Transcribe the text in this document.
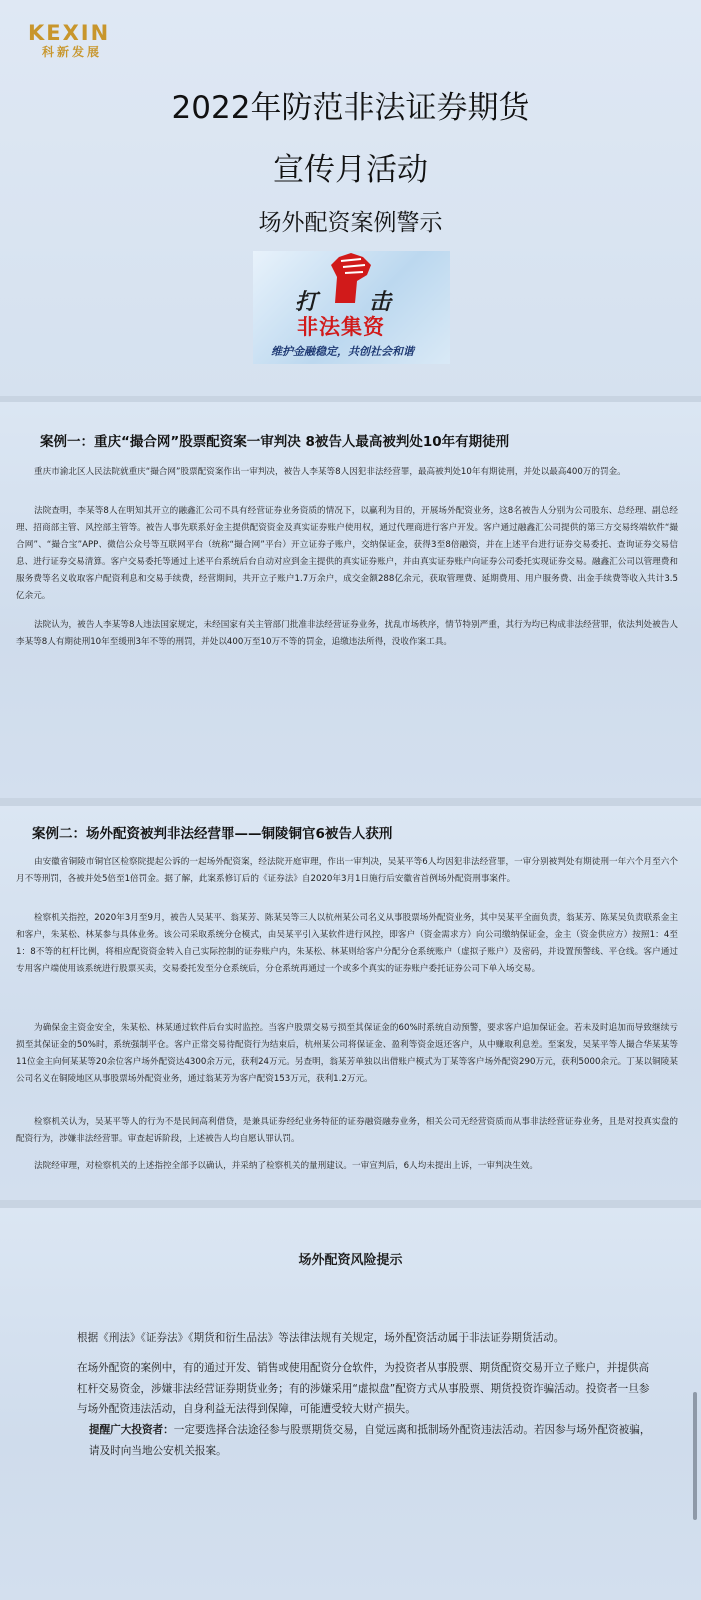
KEXIN
科新发展
2022年防范非法证券期货
宣传月活动
场外配资案例警示
打 击
非法集资
维护金融稳定，共创社会和谐
案例一：重庆“撮合网”股票配资案一审判决 8被告人最高被判处10年有期徒刑

重庆市渝北区人民法院就重庆“撮合网”股票配资案作出一审判决，被告人李某等8人因犯非法经营罪，最高被判处10年有期徒刑，并处以最高400万的罚金。

法院查明，李某等8人在明知其开立的融鑫汇公司不具有经营证券业务资质的情况下，以赢利为目的，开展场外配资业务，这8名被告人分别为公司股东、总经理、副总经理、招商部主管、风控部主管等。被告人事先联系好金主提供配资资金及真实证券账户使用权，通过代理商进行客户开发。客户通过融鑫汇公司提供的第三方交易终端软件“撮合网”、“撮合宝”APP、微信公众号等互联网平台（统称“撮合网”平台）开立证券子账户，交纳保证金，获得3至8倍融资，并在上述平台进行证券交易委托、查询证券交易信息、进行证券交易清算。客户交易委托等通过上述平台系统后台自动对应到金主提供的真实证券账户，并由真实证券账户向证券公司委托实现证券交易。融鑫汇公司以管理费和服务费等名义收取客户配资利息和交易手续费，经营期间，共开立子账户1.7万余户，成交金额288亿余元，获取管理费、延期费用、用户服务费、出金手续费等收入共计3.5亿余元。

法院认为，被告人李某等8人违法国家规定，未经国家有关主管部门批准非法经营证券业务，扰乱市场秩序，情节特别严重，其行为均已构成非法经营罪，依法判处被告人李某等8人有期徒刑10年至缓刑3年不等的刑罚，并处以400万至10万不等的罚金，追缴违法所得，没收作案工具。

案例二：场外配资被判非法经营罪——铜陵铜官6被告人获刑

由安徽省铜陵市铜官区检察院提起公诉的一起场外配资案，经法院开庭审理，作出一审判决，吴某平等6人均因犯非法经营罪，一审分别被判处有期徒刑一年六个月至六个月不等刑罚，各被并处5倍至1倍罚金。据了解，此案系修订后的《证券法》自2020年3月1日施行后安徽省首例场外配资刑事案件。

检察机关指控，2020年3月至9月，被告人吴某平、翁某芳、陈某吴等三人以杭州某公司名义从事股票场外配资业务，其中吴某平全面负责，翁某芳、陈某吴负责联系金主和客户，朱某松、林某参与具体业务。该公司采取系统分仓模式，由吴某平引入某软件进行风控，即客户（资金需求方）向公司缴纳保证金，金主（资金供应方）按照1：4至1：8不等的杠杆比例，将相应配资资金转入自己实际控制的证券账户内，朱某松、林某则给客户分配分仓系统账户（虚拟子账户）及密码，并设置预警线、平仓线。客户通过专用客户端使用该系统进行股票买卖，交易委托发至分仓系统后，分仓系统再通过一个或多个真实的证券账户委托证券公司下单入场交易。

为确保金主资金安全，朱某松、林某通过软件后台实时监控。当客户股票交易亏损至其保证金的60%时系统自动预警，要求客户追加保证金。若未及时追加而导致继续亏损至其保证金的50%时，系统强制平仓。客户正常交易待配资行为结束后，杭州某公司将保证金、盈利等资金返还客户，从中赚取利息差。至案发，吴某平等人撮合华某某等11位金主向何某某等20余位客户场外配资达4300余万元，获利24万元。另查明，翁某芳单独以出借账户模式为丁某等客户场外配资290万元，获利5000余元。丁某以铜陵某公司名义在铜陵地区从事股票场外配资业务，通过翁某芳为客户配资153万元，获利1.2万元。

检察机关认为，吴某平等人的行为不是民间高利借贷，是兼具证券经纪业务特征的证券融资融券业务，相关公司无经营资质而从事非法经营证券业务，且是对投真实盘的配资行为，涉嫌非法经营罪。审查起诉阶段，上述被告人均自愿认罪认罚。

法院经审理，对检察机关的上述指控全部予以确认，并采纳了检察机关的量刑建议。一审宣判后，6人均未提出上诉，一审判决生效。

场外配资风险提示

根据《刑法》《证券法》《期货和衍生品法》等法律法规有关规定，场外配资活动属于非法证券期货活动。

在场外配资的案例中，有的通过开发、销售或使用配资分仓软件，为投资者从事股票、期货配资交易开立子账户，并提供高杠杆交易资金，涉嫌非法经营证券期货业务；有的涉嫌采用“虚拟盘”配资方式从事股票、期货投资诈骗活动。投资者一旦参与场外配资违法活动，自身利益无法得到保障，可能遭受较大财产损失。

提醒广大投资者：一定要选择合法途径参与股票期货交易，自觉远离和抵制场外配资违法活动。若因参与场外配资被骗，请及时向当地公安机关报案。
